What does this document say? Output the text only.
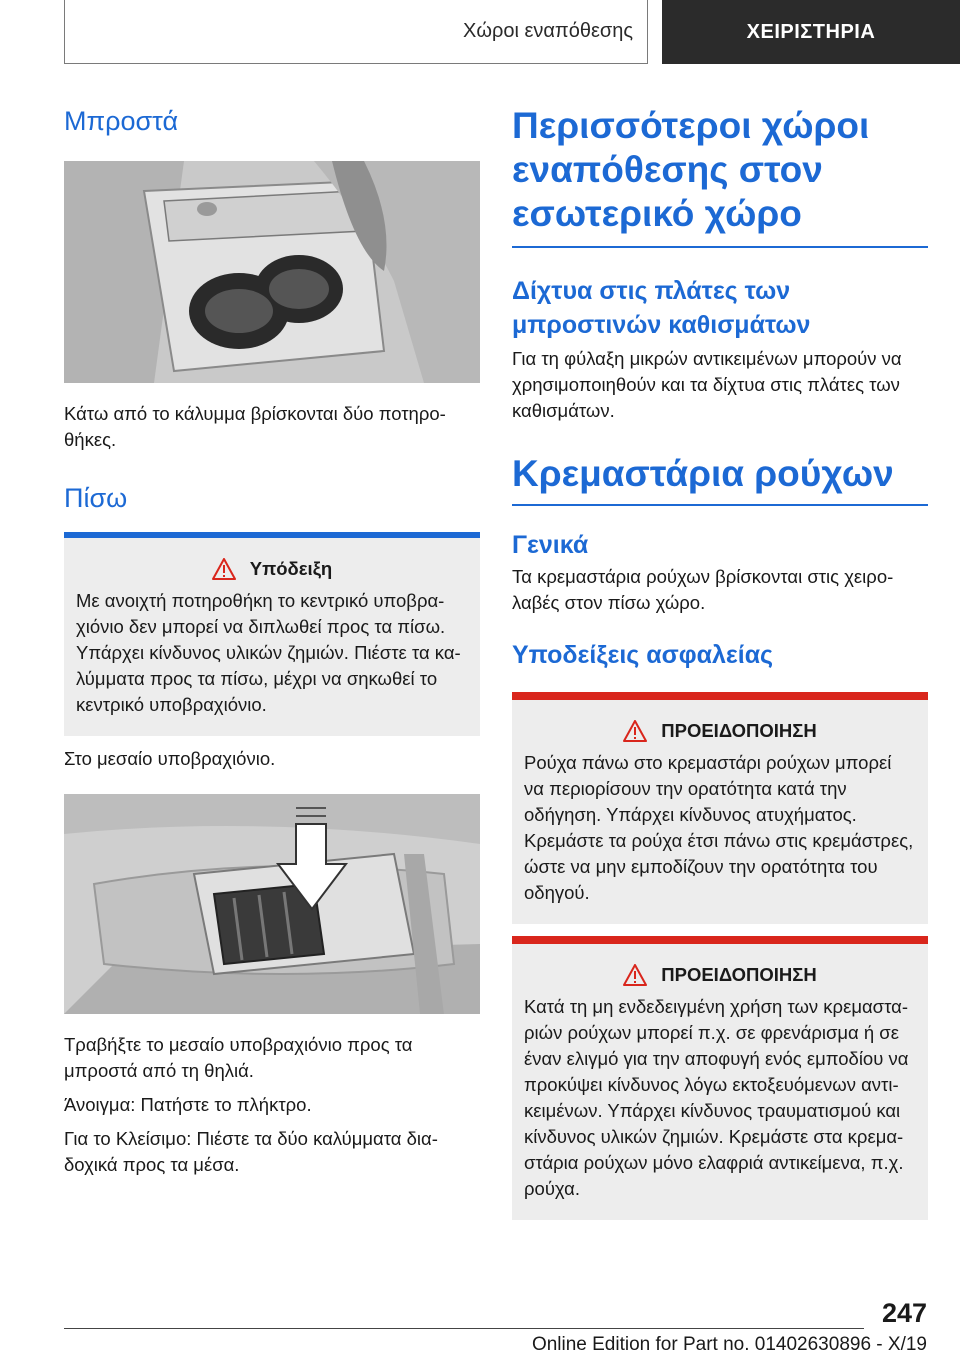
Χώροι εναπόθεσης	ΧΕΙΡΙΣΤΗΡΙΑ
Μπροστά

Κάτω από το κάλυμμα βρίσκονται δύο ποτηρο‐ θήκες.

Πίσω
Υπόδειξη

Με ανοιχτή ποτηροθήκη το κεντρικό υποβρα‐ χιόνιο δεν μπορεί να διπλωθεί προς τα πίσω. Υπάρχει κίνδυνος υλικών ζημιών. Πιέστε τα κα‐ λύμματα προς τα πίσω, μέχρι να σηκωθεί το κεντρικό υποβραχιόνιο.

Στο μεσαίο υποβραχιόνιο.

Τραβήξτε το μεσαίο υποβραχιόνιο προς τα μπροστά από τη θηλιά.

Άνοιγμα: Πατήστε το πλήκτρο.

Για το Κλείσιμο: Πιέστε τα δύο καλύμματα δια‐ δοχικά προς τα μέσα.

Περισσότεροι χώροι εναπόθεσης στον εσωτερικό χώρο
Δίχτυα στις πλάτες των μπροστινών καθισμάτων

Για τη φύλαξη μικρών αντικειμένων μπορούν να χρησιμοποιηθούν και τα δίχτυα στις πλάτες των καθισμάτων.

Κρεμαστάρια ρούχων
Γενικά

Τα κρεμαστάρια ρούχων βρίσκονται στις χειρο‐ λαβές στον πίσω χώρο.

Υποδείξεις ασφαλείας
ΠΡΟΕΙΔΟΠΟΙΗΣΗ

Ρούχα πάνω στο κρεμαστάρι ρούχων μπορεί να περιορίσουν την ορατότητα κατά την οδήγηση. Υπάρχει κίνδυνος ατυχήματος. Κρεμάστε τα ρούχα έτσι πάνω στις κρεμάστρες, ώστε να μην εμποδίζουν την ορατότητα του οδηγού.

ΠΡΟΕΙΔΟΠΟΙΗΣΗ

Κατά τη μη ενδεδειγμένη χρήση των κρεμαστα‐ ριών ρούχων μπορεί π.χ. σε φρενάρισμα ή σε έναν ελιγμό για την αποφυγή ενός εμποδίου να προκύψει κίνδυνος λόγω εκτοξευόμενων αντι‐ κειμένων. Υπάρχει κίνδυνος τραυματισμού και κίνδυνος υλικών ζημιών. Κρεμάστε στα κρεμα‐ στάρια ρούχων μόνο ελαφριά αντικείμενα, π.χ. ρούχα.

247
Online Edition for Part no. 01402630896 - X/19
